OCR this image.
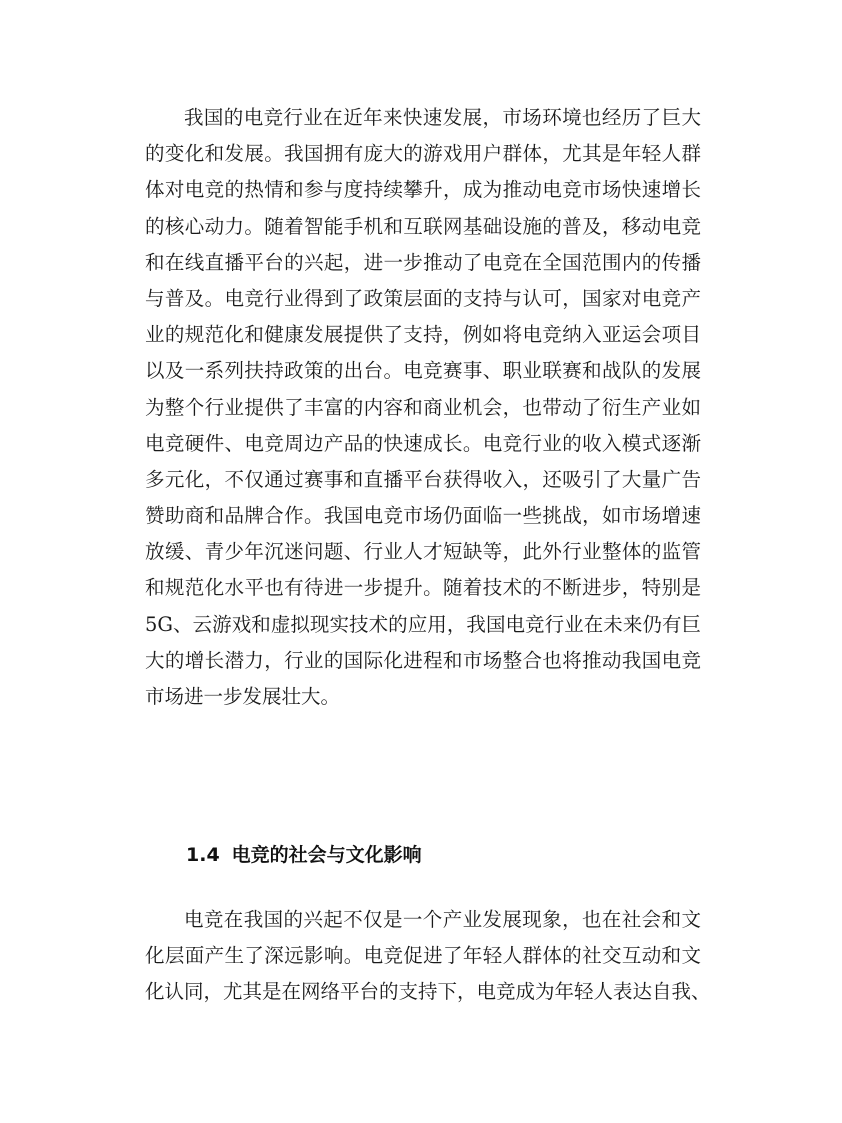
我国的电竞行业在近年来快速发展，市场环境也经历了巨大
的变化和发展。我国拥有庞大的游戏用户群体，尤其是年轻人群
体对电竞的热情和参与度持续攀升，成为推动电竞市场快速增长
的核心动力。随着智能手机和互联网基础设施的普及，移动电竞
和在线直播平台的兴起，进一步推动了电竞在全国范围内的传播
与普及。电竞行业得到了政策层面的支持与认可，国家对电竞产
业的规范化和健康发展提供了支持，例如将电竞纳入亚运会项目
以及一系列扶持政策的出台。电竞赛事、职业联赛和战队的发展
为整个行业提供了丰富的内容和商业机会，也带动了衍生产业如
电竞硬件、电竞周边产品的快速成长。电竞行业的收入模式逐渐
多元化，不仅通过赛事和直播平台获得收入，还吸引了大量广告
赞助商和品牌合作。我国电竞市场仍面临一些挑战，如市场增速
放缓、青少年沉迷问题、行业人才短缺等，此外行业整体的监管
和规范化水平也有待进一步提升。随着技术的不断进步，特别是
5G、云游戏和虚拟现实技术的应用，我国电竞行业在未来仍有巨
大的增长潜力，行业的国际化进程和市场整合也将推动我国电竞
市场进一步发展壮大。
1.4 电竞的社会与文化影响
电竞在我国的兴起不仅是一个产业发展现象，也在社会和文
化层面产生了深远影响。电竞促进了年轻人群体的社交互动和文
化认同，尤其是在网络平台的支持下，电竞成为年轻人表达自我、
